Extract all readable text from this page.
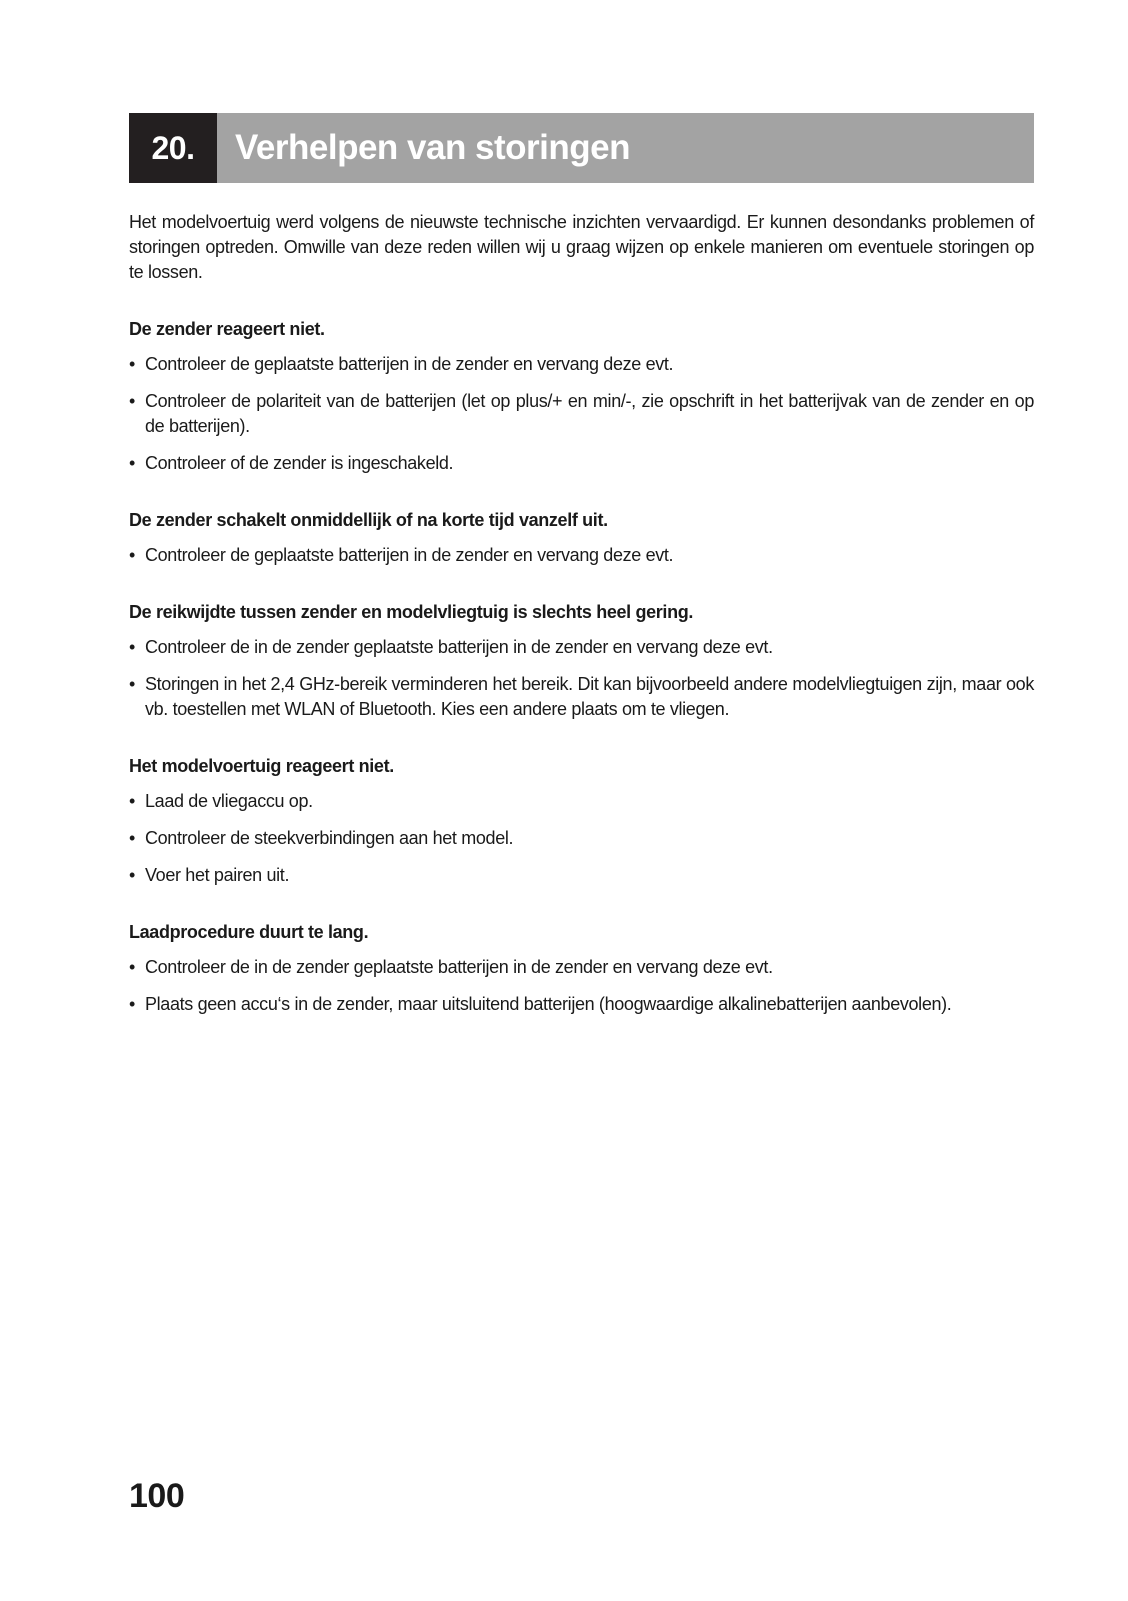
20.	Verhelpen van storingen

Het modelvoertuig werd volgens de nieuwste technische inzichten vervaardigd. Er kunnen desondanks problemen of storingen optreden. Omwille van deze reden willen wij u graag wijzen op enkele manieren om eventuele storingen op te lossen.

De zender reageert niet.

• Controleer de geplaatste batterijen in de zender en vervang deze evt.
• Controleer de polariteit van de batterijen (let op plus/+ en min/-, zie opschrift in het batterijvak van de zender en op de batterijen).
• Controleer of de zender is ingeschakeld.

De zender schakelt onmiddellijk of na korte tijd vanzelf uit.

• Controleer de geplaatste batterijen in de zender en vervang deze evt.

De reikwijdte tussen zender en modelvliegtuig is slechts heel gering.

• Controleer de in de zender geplaatste batterijen in de zender en vervang deze evt.
• Storingen in het 2,4 GHz-bereik verminderen het bereik. Dit kan bijvoorbeeld andere modelvliegtuigen zijn, maar ook vb. toestellen met WLAN of Bluetooth. Kies een andere plaats om te vliegen.

Het modelvoertuig reageert niet.

• Laad de vliegaccu op.
• Controleer de steekverbindingen aan het model.
• Voer het pairen uit.

Laadprocedure duurt te lang.

• Controleer de in de zender geplaatste batterijen in de zender en vervang deze evt.
• Plaats geen accu‘s in de zender, maar uitsluitend batterijen (hoogwaardige alkalinebatterijen aanbevolen).
100
